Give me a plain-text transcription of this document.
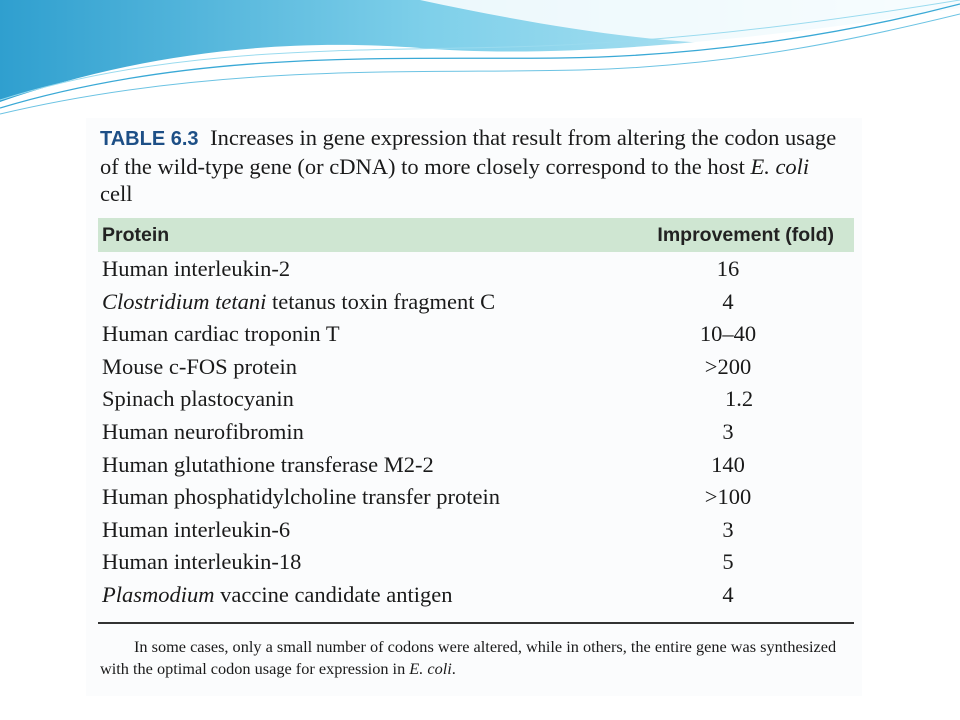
TABLE 6.3 Increases in gene expression that result from altering the codon usage of the wild-type gene (or cDNA) to more closely correspond to the host E. coli cell
Protein	Improvement (fold)
Human interleukin-2	16
Clostridium tetani tetanus toxin fragment C	4
Human cardiac troponin T	10–40
Mouse c-FOS protein	>200
Spinach plastocyanin	1.2
Human neurofibromin	3
Human glutathione transferase M2-2	140
Human phosphatidylcholine transfer protein	>100
Human interleukin-6	3
Human interleukin-18	5
Plasmodium vaccine candidate antigen	4
In some cases, only a small number of codons were altered, while in others, the entire gene was synthesized with the optimal codon usage for expression in E. coli.
